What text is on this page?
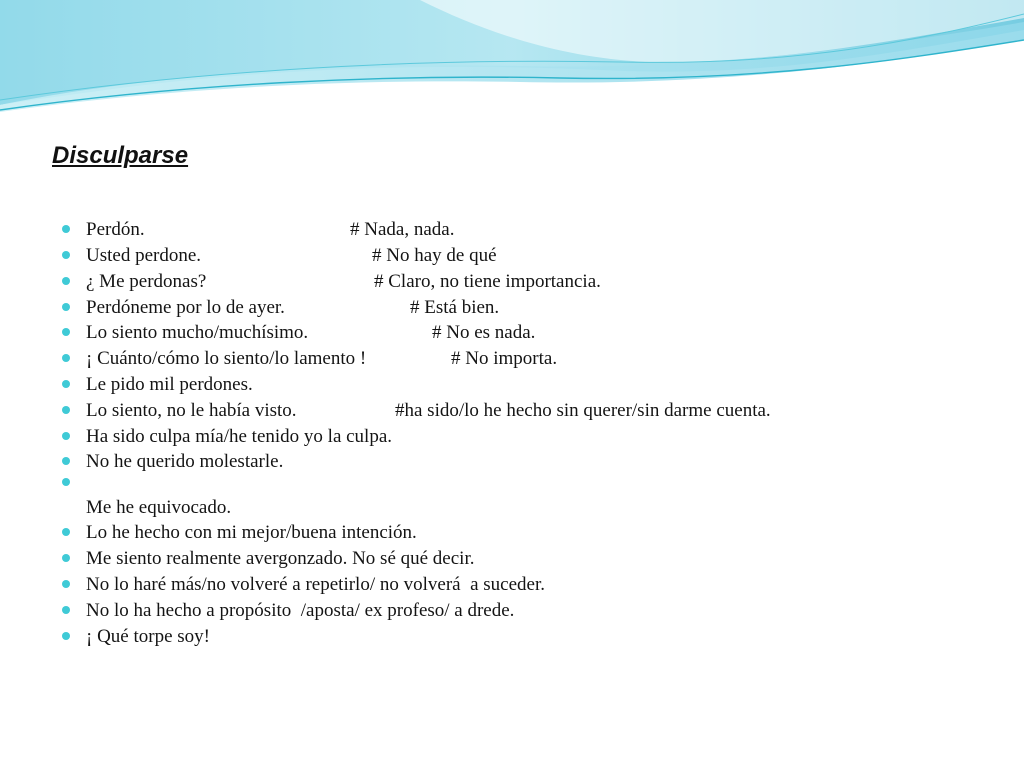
Disculparse
Perdón.	# Nada, nada.
Usted perdone.	# No hay de qué
¿ Me perdonas?	# Claro, no tiene importancia.
Perdóneme por lo de ayer.	# Está bien.
Lo siento mucho/muchísimo.	# No es nada.
¡ Cuánto/cómo lo siento/lo lamento !	# No importa.
Le pido mil perdones.
Lo siento, no le había visto.	#ha sido/lo he hecho sin querer/sin darme cuenta.
Ha sido culpa mía/he tenido yo la culpa.
No he querido molestarle.
Me he equivocado.
Lo he hecho con mi mejor/buena intención.
Me siento realmente avergonzado. No sé qué decir.
No lo haré más/no volveré a repetirlo/ no volverá  a suceder.
No lo ha hecho a propósito  /aposta/ ex profeso/ a drede.
¡ Qué torpe soy!
